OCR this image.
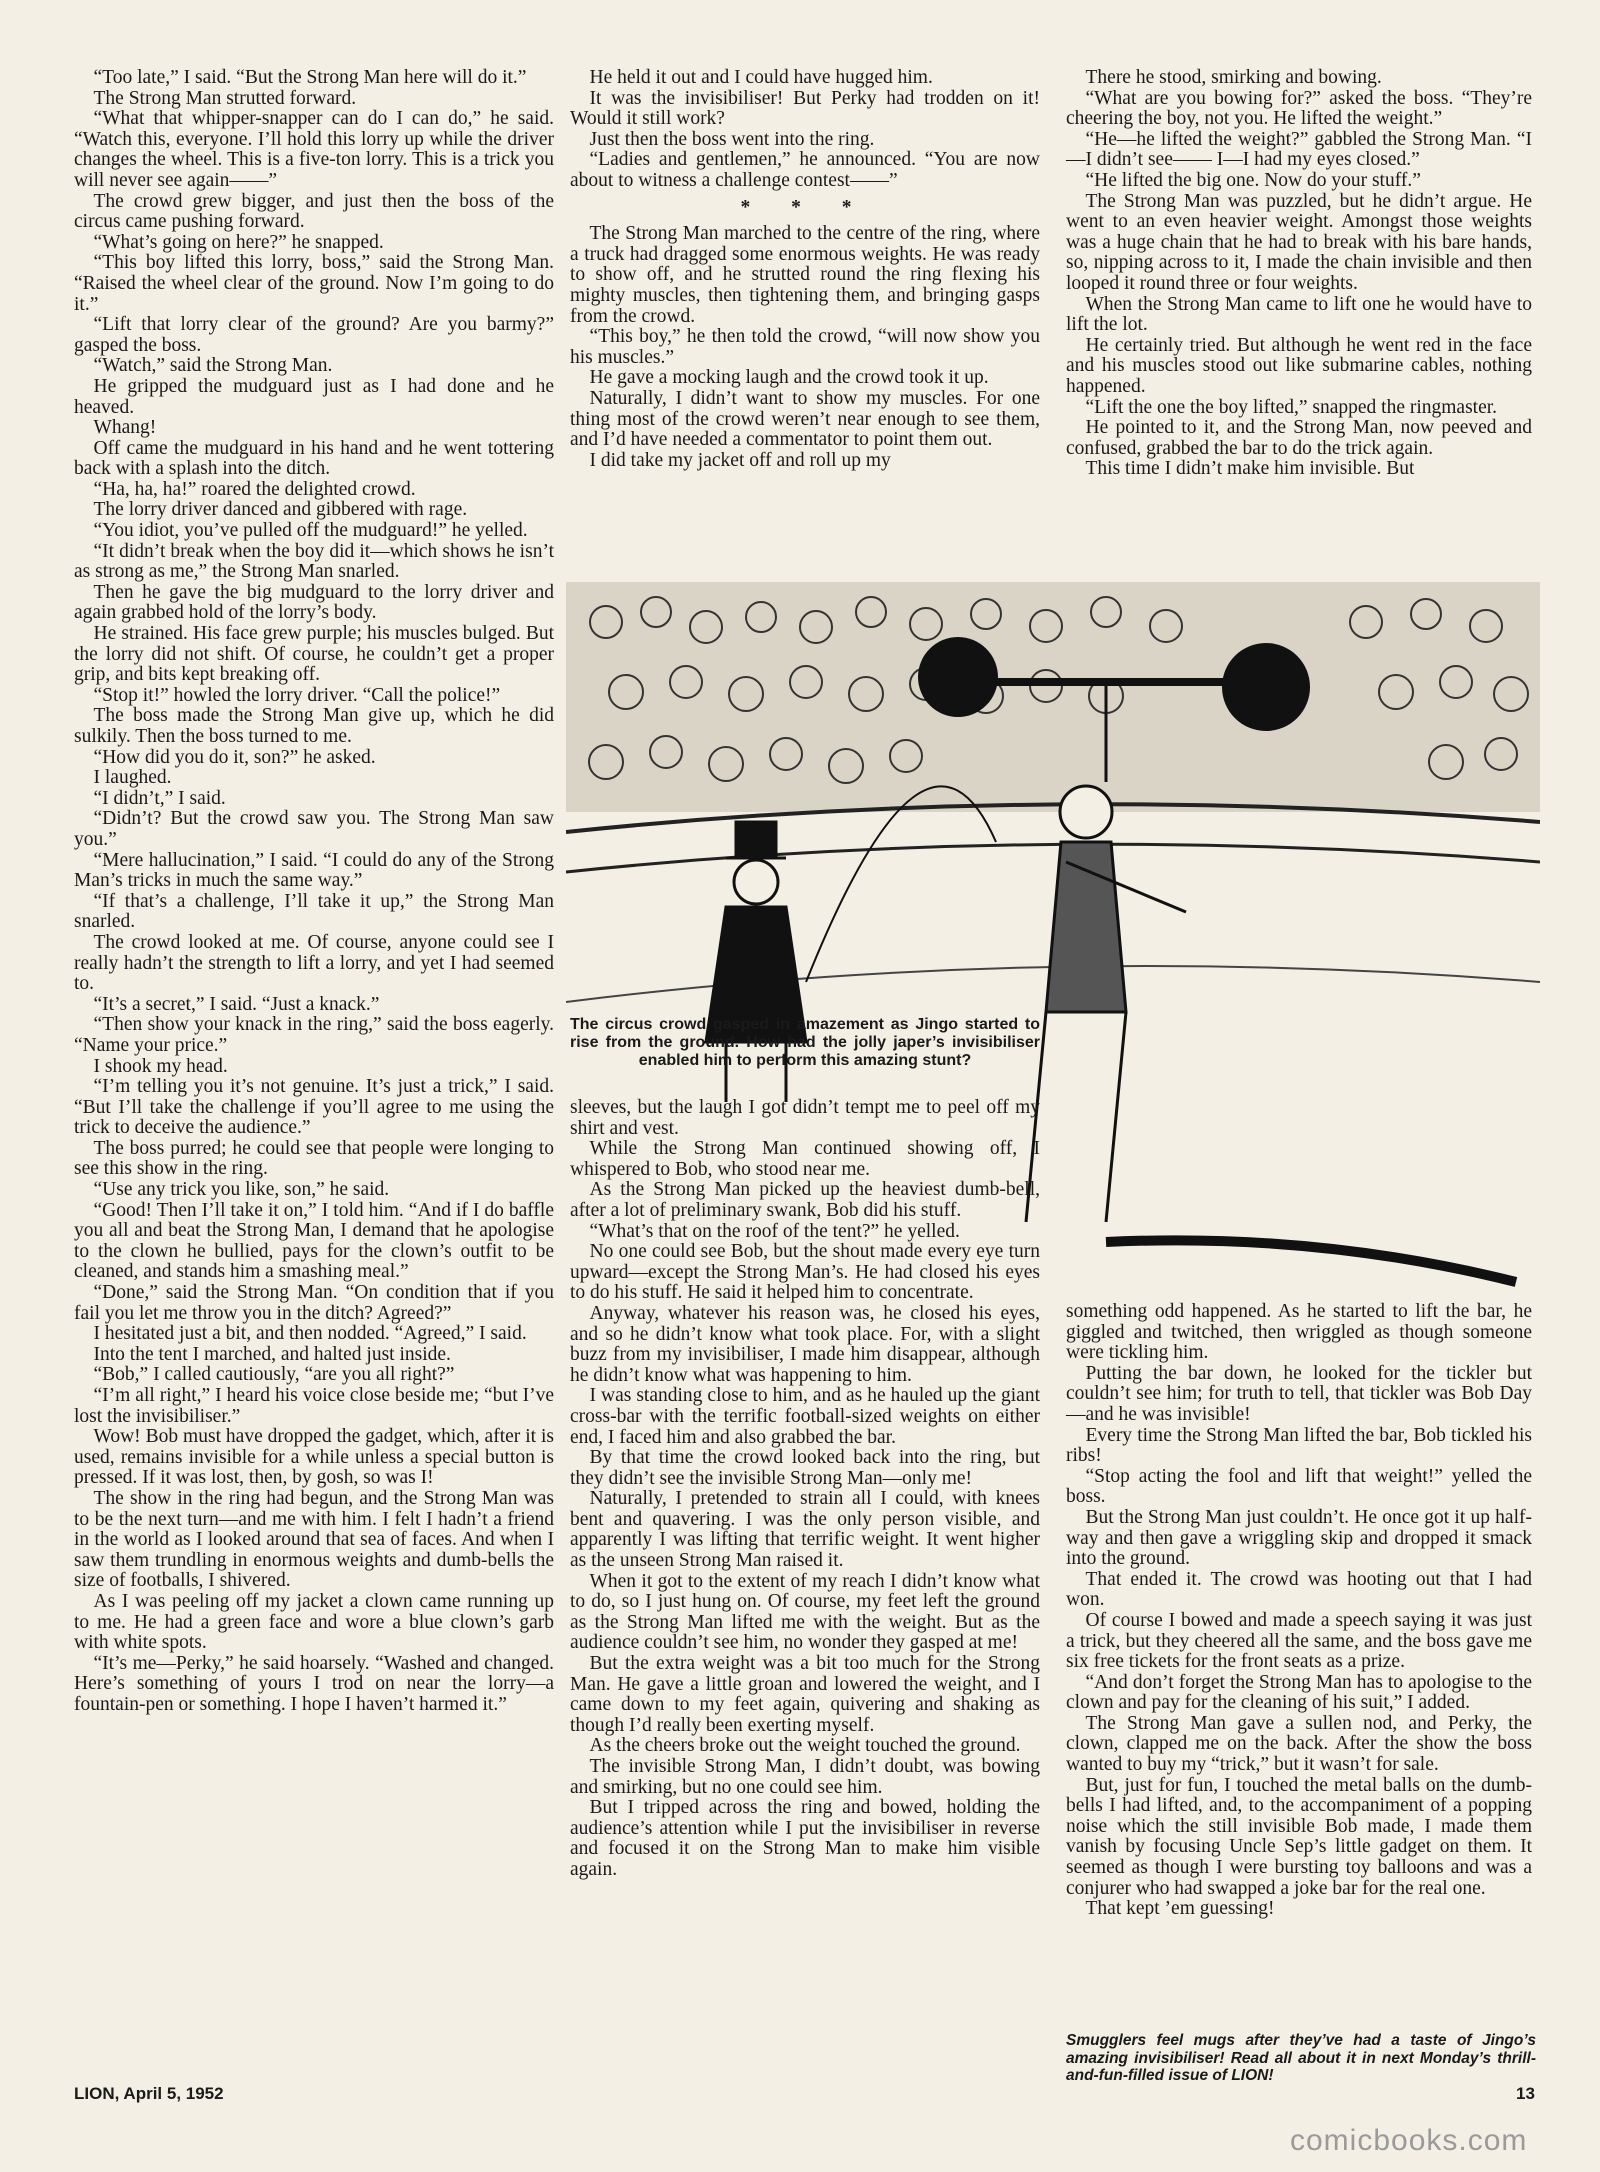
“Too late,” I said. “But the Strong Man here will do it.”

The Strong Man strutted forward.

“What that whipper-snapper can do I can do,” he said. “Watch this, everyone. I’ll hold this lorry up while the driver changes the wheel. This is a five-ton lorry. This is a trick you will never see again——”

The crowd grew bigger, and just then the boss of the circus came pushing forward.

“What’s going on here?” he snapped.

“This boy lifted this lorry, boss,” said the Strong Man. “Raised the wheel clear of the ground. Now I’m going to do it.”

“Lift that lorry clear of the ground? Are you barmy?” gasped the boss.

“Watch,” said the Strong Man.

He gripped the mudguard just as I had done and he heaved.

Whang!

Off came the mudguard in his hand and he went tottering back with a splash into the ditch.

“Ha, ha, ha!” roared the delighted crowd.

The lorry driver danced and gibbered with rage.

“You idiot, you’ve pulled off the mudguard!” he yelled.

“It didn’t break when the boy did it—which shows he isn’t as strong as me,” the Strong Man snarled.

Then he gave the big mudguard to the lorry driver and again grabbed hold of the lorry’s body.

He strained. His face grew purple; his muscles bulged. But the lorry did not shift. Of course, he couldn’t get a proper grip, and bits kept breaking off.

“Stop it!” howled the lorry driver. “Call the police!”

The boss made the Strong Man give up, which he did sulkily. Then the boss turned to me.

“How did you do it, son?” he asked.

I laughed.

“I didn’t,” I said.

“Didn’t? But the crowd saw you. The Strong Man saw you.”

“Mere hallucination,” I said. “I could do any of the Strong Man’s tricks in much the same way.”

“If that’s a challenge, I’ll take it up,” the Strong Man snarled.

The crowd looked at me. Of course, anyone could see I really hadn’t the strength to lift a lorry, and yet I had seemed to.

“It’s a secret,” I said. “Just a knack.”

“Then show your knack in the ring,” said the boss eagerly. “Name your price.”

I shook my head.

“I’m telling you it’s not genuine. It’s just a trick,” I said. “But I’ll take the challenge if you’ll agree to me using the trick to deceive the audience.”

The boss purred; he could see that people were longing to see this show in the ring.

“Use any trick you like, son,” he said.

“Good! Then I’ll take it on,” I told him. “And if I do baffle you all and beat the Strong Man, I demand that he apologise to the clown he bullied, pays for the clown’s outfit to be cleaned, and stands him a smashing meal.”

“Done,” said the Strong Man. “On condition that if you fail you let me throw you in the ditch? Agreed?”

I hesitated just a bit, and then nodded. “Agreed,” I said.

Into the tent I marched, and halted just inside.

“Bob,” I called cautiously, “are you all right?”

“I’m all right,” I heard his voice close beside me; “but I’ve lost the invisibiliser.”

Wow! Bob must have dropped the gadget, which, after it is used, remains invisible for a while unless a special button is pressed. If it was lost, then, by gosh, so was I!

The show in the ring had begun, and the Strong Man was to be the next turn—and me with him. I felt I hadn’t a friend in the world as I looked around that sea of faces. And when I saw them trundling in enormous weights and dumb-bells the size of footballs, I shivered.

As I was peeling off my jacket a clown came running up to me. He had a green face and wore a blue clown’s garb with white spots.

“It’s me—Perky,” he said hoarsely. “Washed and changed. Here’s something of yours I trod on near the lorry—a fountain-pen or something. I hope I haven’t harmed it.”

He held it out and I could have hugged him.

It was the invisibiliser! But Perky had trodden on it! Would it still work?

Just then the boss went into the ring.

“Ladies and gentlemen,” he announced. “You are now about to witness a challenge contest——”

* * *

The Strong Man marched to the centre of the ring, where a truck had dragged some enormous weights. He was ready to show off, and he strutted round the ring flexing his mighty muscles, then tightening them, and bringing gasps from the crowd.

“This boy,” he then told the crowd, “will now show you his muscles.”

He gave a mocking laugh and the crowd took it up.

Naturally, I didn’t want to show my muscles. For one thing most of the crowd weren’t near enough to see them, and I’d have needed a commentator to point them out.

I did take my jacket off and roll up my

There he stood, smirking and bowing.

“What are you bowing for?” asked the boss. “They’re cheering the boy, not you. He lifted the weight.”

“He—he lifted the weight?” gabbled the Strong Man. “I—I didn’t see—— I—I had my eyes closed.”

“He lifted the big one. Now do your stuff.”

The Strong Man was puzzled, but he didn’t argue. He went to an even heavier weight. Amongst those weights was a huge chain that he had to break with his bare hands, so, nipping across to it, I made the chain invisible and then looped it round three or four weights.

When the Strong Man came to lift one he would have to lift the lot.

He certainly tried. But although he went red in the face and his muscles stood out like submarine cables, nothing happened.

“Lift the one the boy lifted,” snapped the ringmaster.

He pointed to it, and the Strong Man, now peeved and confused, grabbed the bar to do the trick again.

This time I didn’t make him invisible. But

The circus crowd gasped in amazement as Jingo started to rise from the ground. How had the jolly japer’s invisibiliser enabled him to perform this amazing stunt?

sleeves, but the laugh I got didn’t tempt me to peel off my shirt and vest.

While the Strong Man continued showing off, I whispered to Bob, who stood near me.

As the Strong Man picked up the heaviest dumb-bell, after a lot of preliminary swank, Bob did his stuff.

“What’s that on the roof of the tent?” he yelled.

No one could see Bob, but the shout made every eye turn upward—except the Strong Man’s. He had closed his eyes to do his stuff. He said it helped him to concentrate.

Anyway, whatever his reason was, he closed his eyes, and so he didn’t know what took place. For, with a slight buzz from my invisibiliser, I made him disappear, although he didn’t know what was happening to him.

I was standing close to him, and as he hauled up the giant cross-bar with the terrific football-sized weights on either end, I faced him and also grabbed the bar.

By that time the crowd looked back into the ring, but they didn’t see the invisible Strong Man—only me!

Naturally, I pretended to strain all I could, with knees bent and quavering. I was the only person visible, and apparently I was lifting that terrific weight. It went higher as the unseen Strong Man raised it.

When it got to the extent of my reach I didn’t know what to do, so I just hung on. Of course, my feet left the ground as the Strong Man lifted me with the weight. But as the audience couldn’t see him, no wonder they gasped at me!

But the extra weight was a bit too much for the Strong Man. He gave a little groan and lowered the weight, and I came down to my feet again, quivering and shaking as though I’d really been exerting myself.

As the cheers broke out the weight touched the ground.

The invisible Strong Man, I didn’t doubt, was bowing and smirking, but no one could see him.

But I tripped across the ring and bowed, holding the audience’s attention while I put the invisibiliser in reverse and focused it on the Strong Man to make him visible again.

something odd happened. As he started to lift the bar, he giggled and twitched, then wriggled as though someone were tickling him.

Putting the bar down, he looked for the tickler but couldn’t see him; for truth to tell, that tickler was Bob Day—and he was invisible!

Every time the Strong Man lifted the bar, Bob tickled his ribs!

“Stop acting the fool and lift that weight!” yelled the boss.

But the Strong Man just couldn’t. He once got it up half-way and then gave a wriggling skip and dropped it smack into the ground.

That ended it. The crowd was hooting out that I had won.

Of course I bowed and made a speech saying it was just a trick, but they cheered all the same, and the boss gave me six free tickets for the front seats as a prize.

“And don’t forget the Strong Man has to apologise to the clown and pay for the cleaning of his suit,” I added.

The Strong Man gave a sullen nod, and Perky, the clown, clapped me on the back. After the show the boss wanted to buy my “trick,” but it wasn’t for sale.

But, just for fun, I touched the metal balls on the dumb-bells I had lifted, and, to the accompaniment of a popping noise which the still invisible Bob made, I made them vanish by focusing Uncle Sep’s little gadget on them. It seemed as though I were bursting toy balloons and was a conjurer who had swapped a joke bar for the real one.

That kept ’em guessing!

Smugglers feel mugs after they’ve had a taste of Jingo’s amazing invisibiliser! Read all about it in next Monday’s thrill-and-fun-filled issue of LION!
LION, April 5, 1952	13
comicbooks.com
